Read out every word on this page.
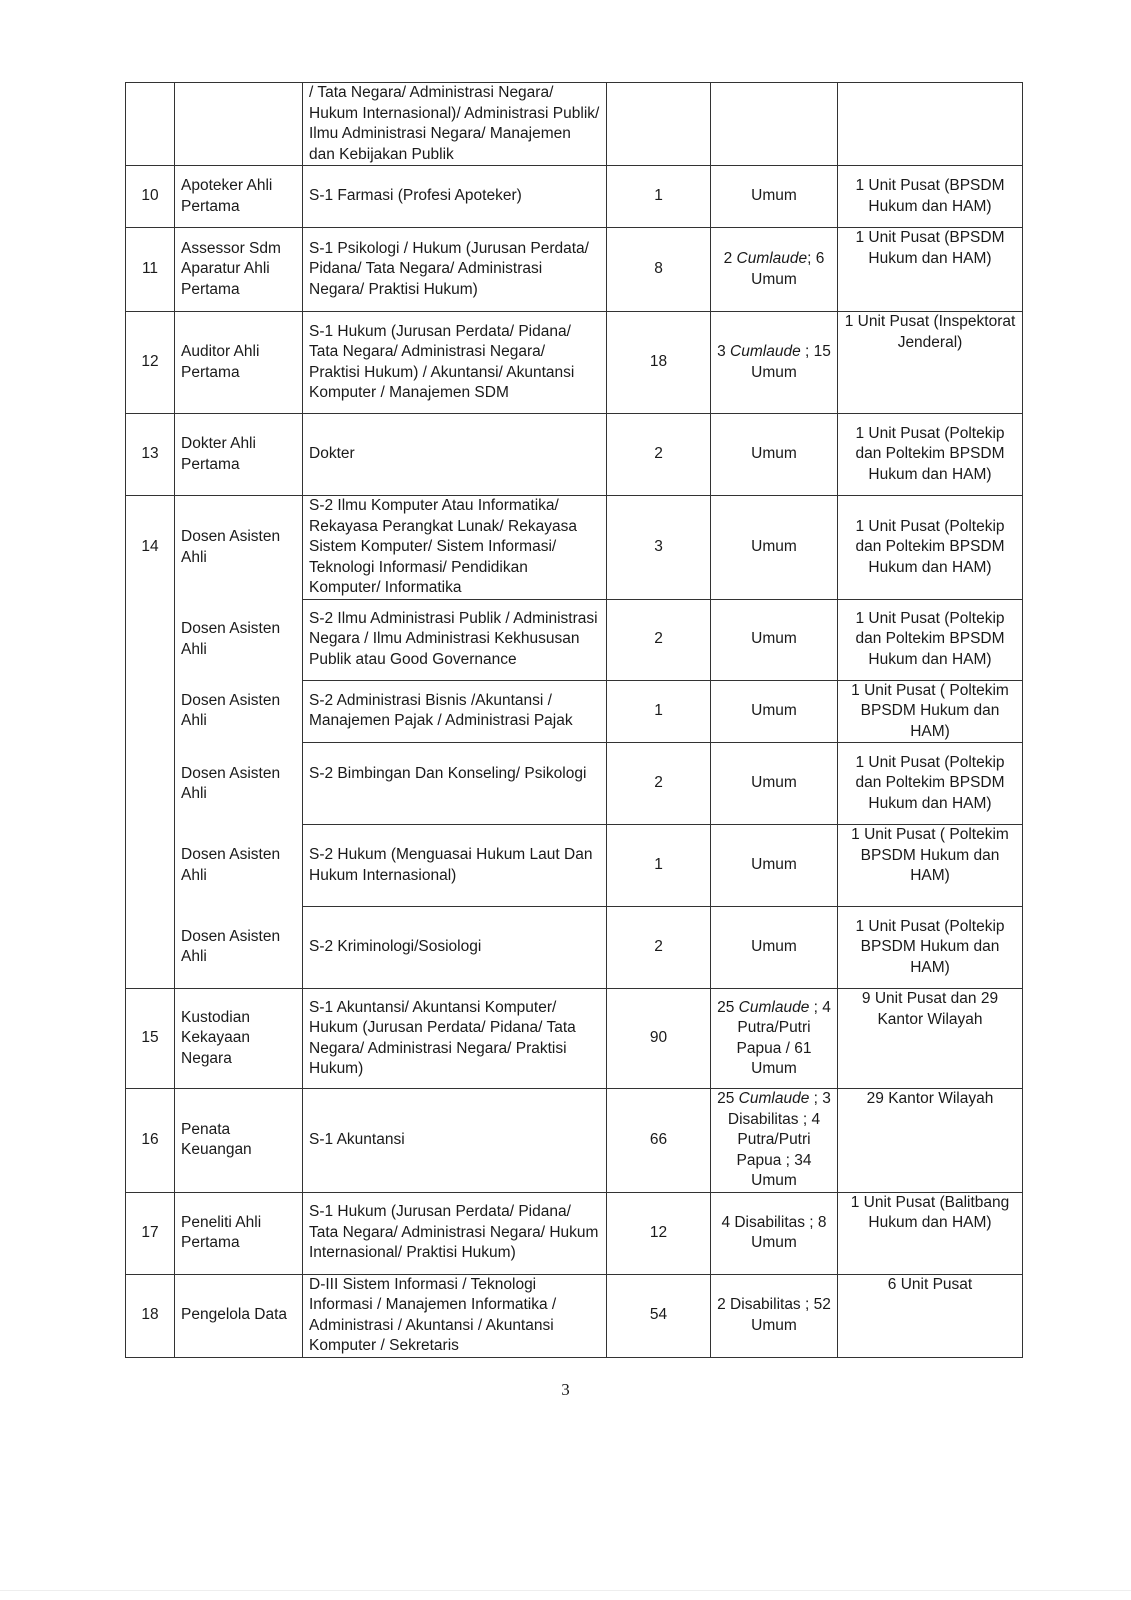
		/ Tata Negara/ Administrasi Negara/ Hukum Internasional)/ Administrasi Publik/ Ilmu Administrasi Negara/ Manajemen dan Kebijakan Publik			
10	Apoteker Ahli Pertama	S-1 Farmasi (Profesi Apoteker)	1	Umum	1 Unit Pusat (BPSDM Hukum dan HAM)
11	Assessor Sdm Aparatur Ahli Pertama	S-1 Psikologi / Hukum (Jurusan Perdata/ Pidana/ Tata Negara/ Administrasi Negara/ Praktisi Hukum)	8	2 Cumlaude; 6 Umum	1 Unit Pusat (BPSDM Hukum dan HAM)
12	Auditor Ahli Pertama	S-1 Hukum (Jurusan Perdata/ Pidana/ Tata Negara/ Administrasi Negara/ Praktisi Hukum) / Akuntansi/ Akuntansi Komputer / Manajemen SDM	18	3 Cumlaude ; 15 Umum	1 Unit Pusat (Inspektorat Jenderal)
13	Dokter Ahli Pertama	Dokter	2	Umum	1 Unit Pusat (Poltekip dan Poltekim BPSDM Hukum dan HAM)
14	Dosen Asisten Ahli	S-2 Ilmu Komputer Atau Informatika/ Rekayasa Perangkat Lunak/ Rekayasa Sistem Komputer/ Sistem Informasi/ Teknologi Informasi/ Pendidikan Komputer/ Informatika	3	Umum	1 Unit Pusat (Poltekip dan Poltekim BPSDM Hukum dan HAM)
	Dosen Asisten Ahli	S-2 Ilmu Administrasi Publik / Administrasi Negara / Ilmu Administrasi Kekhususan Publik atau Good Governance	2	Umum	1 Unit Pusat (Poltekip dan Poltekim BPSDM Hukum dan HAM)
	Dosen Asisten Ahli	S-2 Administrasi Bisnis /Akuntansi / Manajemen Pajak / Administrasi Pajak	1	Umum	1 Unit Pusat ( Poltekim BPSDM Hukum dan HAM)
	Dosen Asisten Ahli	S-2 Bimbingan Dan Konseling/ Psikologi	2	Umum	1 Unit Pusat (Poltekip dan Poltekim BPSDM Hukum dan HAM)
	Dosen Asisten Ahli	S-2 Hukum (Menguasai Hukum Laut Dan Hukum Internasional)	1	Umum	1 Unit Pusat ( Poltekim BPSDM Hukum dan HAM)
	Dosen Asisten Ahli	S-2 Kriminologi/Sosiologi	2	Umum	1 Unit Pusat (Poltekip BPSDM Hukum dan HAM)
15	Kustodian Kekayaan Negara	S-1 Akuntansi/ Akuntansi Komputer/ Hukum (Jurusan Perdata/ Pidana/ Tata Negara/ Administrasi Negara/ Praktisi Hukum)	90	25 Cumlaude ; 4 Putra/Putri Papua / 61 Umum	9 Unit Pusat dan 29 Kantor Wilayah
16	Penata Keuangan	S-1 Akuntansi	66	25 Cumlaude ; 3 Disabilitas ; 4 Putra/Putri Papua ; 34 Umum	29 Kantor Wilayah
17	Peneliti Ahli Pertama	S-1 Hukum (Jurusan Perdata/ Pidana/ Tata Negara/ Administrasi Negara/ Hukum Internasional/ Praktisi Hukum)	12	4 Disabilitas ; 8 Umum	1 Unit Pusat (Balitbang Hukum dan HAM)
18	Pengelola Data	D-III Sistem Informasi / Teknologi Informasi / Manajemen Informatika / Administrasi / Akuntansi / Akuntansi Komputer / Sekretaris	54	2 Disabilitas ; 52 Umum	6 Unit Pusat
3
